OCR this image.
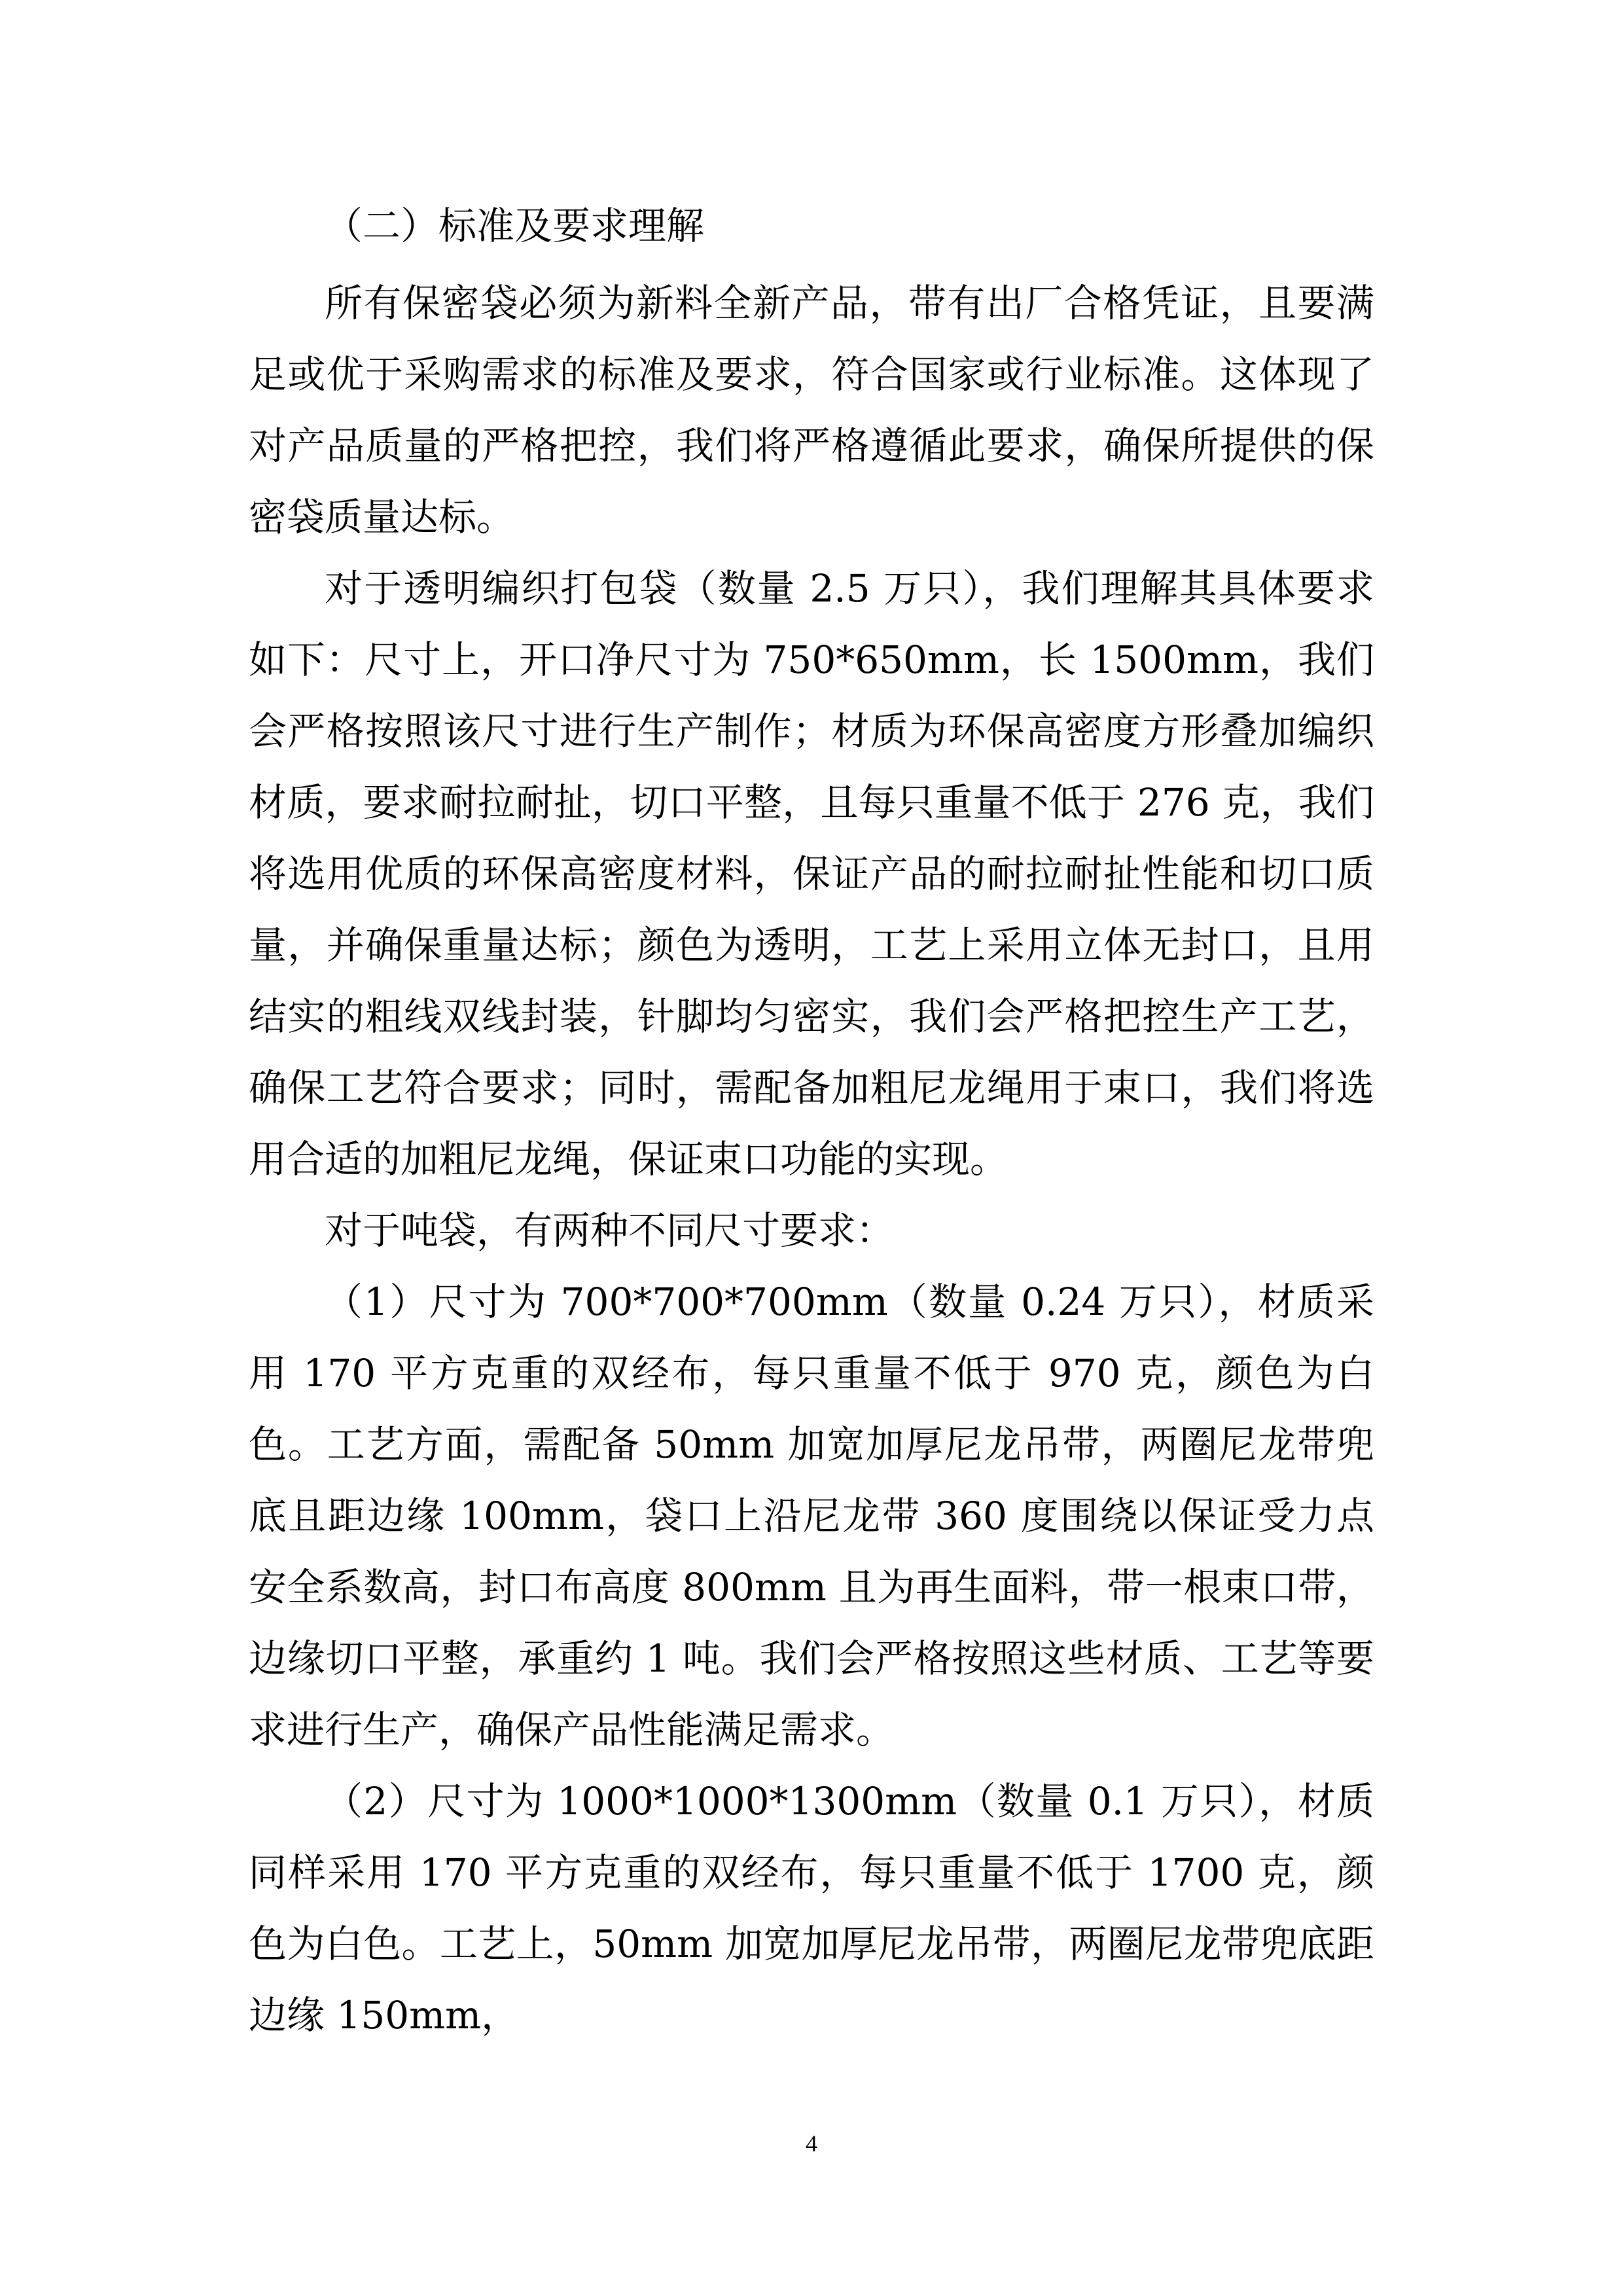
（二）标准及要求理解

所有保密袋必须为新料全新产品，带有出厂合格凭证，且要满足或优于采购需求的标准及要求，符合国家或行业标准。这体现了对产品质量的严格把控，我们将严格遵循此要求，确保所提供的保密袋质量达标。

对于透明编织打包袋（数量 2.5 万只），我们理解其具体要求如下：尺寸上，开口净尺寸为 750*650mm，长 1500mm，我们会严格按照该尺寸进行生产制作；材质为环保高密度方形叠加编织材质，要求耐拉耐扯，切口平整，且每只重量不低于 276 克，我们将选用优质的环保高密度材料，保证产品的耐拉耐扯性能和切口质量，并确保重量达标；颜色为透明，工艺上采用立体无封口，且用结实的粗线双线封装，针脚均匀密实，我们会严格把控生产工艺，确保工艺符合要求；同时，需配备加粗尼龙绳用于束口，我们将选用合适的加粗尼龙绳，保证束口功能的实现。

对于吨袋，有两种不同尺寸要求：

（1）尺寸为 700*700*700mm（数量 0.24 万只），材质采用 170 平方克重的双经布，每只重量不低于 970 克，颜色为白色。工艺方面，需配备 50mm 加宽加厚尼龙吊带，两圈尼龙带兜底且距边缘 100mm，袋口上沿尼龙带 360 度围绕以保证受力点安全系数高，封口布高度 800mm 且为再生面料，带一根束口带，边缘切口平整，承重约 1 吨。我们会严格按照这些材质、工艺等要求进行生产，确保产品性能满足需求。

（2）尺寸为 1000*1000*1300mm（数量 0.1 万只），材质同样采用 170 平方克重的双经布，每只重量不低于 1700 克，颜色为白色。工艺上，50mm 加宽加厚尼龙吊带，两圈尼龙带兜底距边缘 150mm，

4
